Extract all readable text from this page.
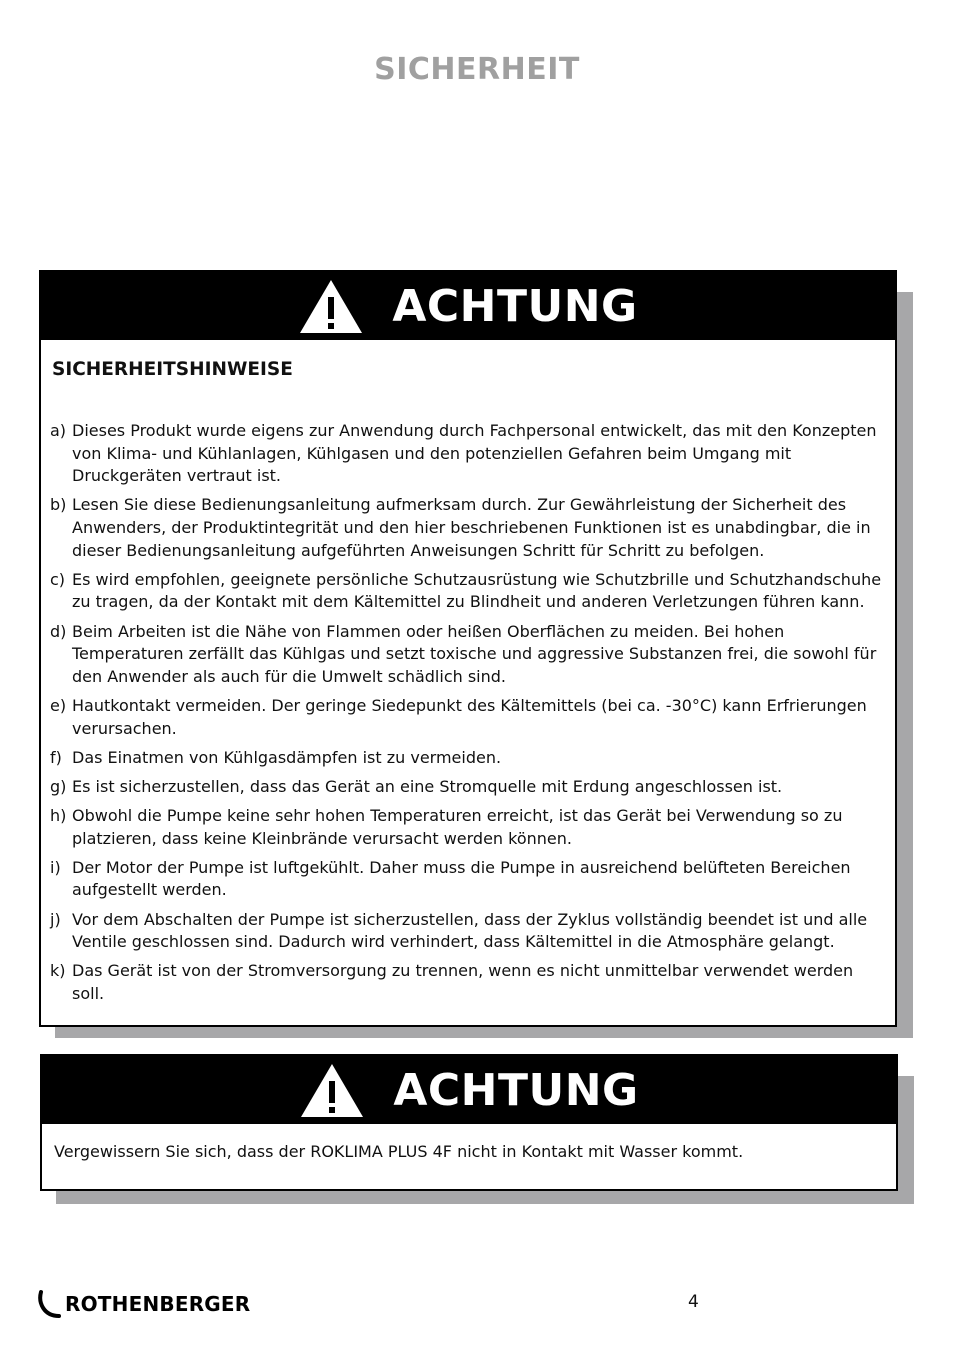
SICHERHEIT
ACHTUNG

SICHERHEITSHINWEISE

a) Dieses Produkt wurde eigens zur Anwendung durch Fachpersonal entwickelt, das mit den Konzepten von Klima- und Kühlanlagen, Kühlgasen und den potenziellen Gefahren beim Umgang mit Druckgeräten vertraut ist.
b) Lesen Sie diese Bedienungsanleitung aufmerksam durch. Zur Gewährleistung der Sicherheit des Anwenders, der Produktintegrität und den hier beschriebenen Funktionen ist es unabdingbar, die in dieser Bedienungsanleitung aufgeführten Anweisungen Schritt für Schritt zu befolgen.
c) Es wird empfohlen, geeignete persönliche Schutzausrüstung wie Schutzbrille und Schutzhandschuhe zu tragen, da der Kontakt mit dem Kältemittel zu Blindheit und anderen Verletzungen führen kann.
d) Beim Arbeiten ist die Nähe von Flammen oder heißen Oberflächen zu meiden. Bei hohen Temperaturen zerfällt das Kühlgas und setzt toxische und aggressive Substanzen frei, die sowohl für den Anwender als auch für die Umwelt schädlich sind.
e) Hautkontakt vermeiden. Der geringe Siedepunkt des Kältemittels (bei ca. -30°C) kann Erfrierungen verursachen.
f) Das Einatmen von Kühlgasdämpfen ist zu vermeiden.
g) Es ist sicherzustellen, dass das Gerät an eine Stromquelle mit Erdung angeschlossen ist.
h) Obwohl die Pumpe keine sehr hohen Temperaturen erreicht, ist das Gerät bei Verwendung so zu platzieren, dass keine Kleinbrände verursacht werden können.
i) Der Motor der Pumpe ist luftgekühlt. Daher muss die Pumpe in ausreichend belüfteten Bereichen aufgestellt werden.
j) Vor dem Abschalten der Pumpe ist sicherzustellen, dass der Zyklus vollständig beendet ist und alle Ventile geschlossen sind. Dadurch wird verhindert, dass Kältemittel in die Atmosphäre gelangt.
k) Das Gerät ist von der Stromversorgung zu trennen, wenn es nicht unmittelbar verwendet werden soll.
ACHTUNG
Vergewissern Sie sich, dass der ROKLIMA PLUS 4F nicht in Kontakt mit Wasser kommt.
ROTHENBERGER	4
